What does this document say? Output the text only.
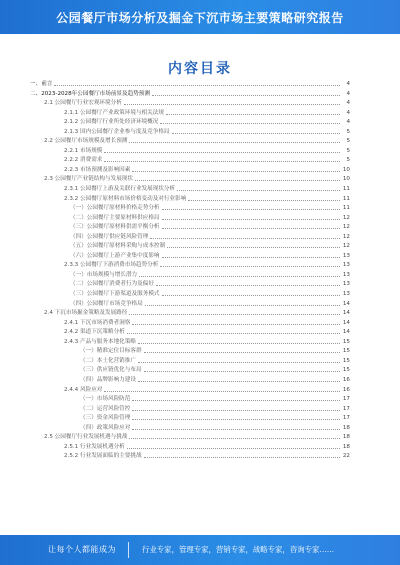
公园餐厅市场分析及掘金下沉市场主要策略研究报告
内容目录
一、前言	4
二、2023-2028年公园餐厅市场前景及趋势预测	4
2.1 公园餐厅行业宏观环境分析	4
2.1.1 公园餐厅产业政策环境与相关法规	4
2.1.2 公园餐厅行业所处经济环境概况	4
2.1.3 国内公园餐厅企业参与度及竞争格局	5
2.2 公园餐厅市场规模及增长预测	5
2.2.1 市场规模	5
2.2.2 消费需求	5
2.2.3 市场预测及影响因素	10
2.3 公园餐厅产业链结构与发展现状	10
2.3.1 公园餐厅上游及关联行业发展现状分析	11
2.3.2 公园餐厅原材料市场价格变动及对行业影响	11
（一）公园餐厅原材料价格走势分析	11
（二）公园餐厅主要原材料供应格局	12
（三）公园餐厅原材料供需平衡分析	12
（四）公园餐厅供应链风险管理	12
（五）公园餐厅原材料采购与成本控制	12
（六）公园餐厅上游产业集中度影响	13
2.3.3 公园餐厅下游消费市场趋势分析	13
（一）市场规模与增长潜力	13
（二）公园餐厅消费者行为及偏好	13
（三）公园餐厅下游渠道及服务模式	13
（四）公园餐厅市场竞争格局	14
2.4 下沉市场掘金策略及发展路径	14
2.4.1 下沉市场消费者洞察	14
2.4.2 渠道下沉策略分析	14
2.4.3 产品与服务本地化策略	15
（一）精准定位目标客群	15
（二）本土化营销推广	15
（三）供应链优化与布局	15
（四）品牌影响力建设	16
2.4.4 风险应对	16
（一）市场风险防范	17
（二）运营风险管控	17
（三）资金风险管理	17
（四）政策风险应对	18
2.5 公园餐厅行业发展机遇与挑战	18
2.5.1 行业发展机遇分析	18
2.5.2 行业发展面临的主要挑战	22
让每个人都能成为	行业专家，管理专家，营销专家，战略专家，咨询专家……
